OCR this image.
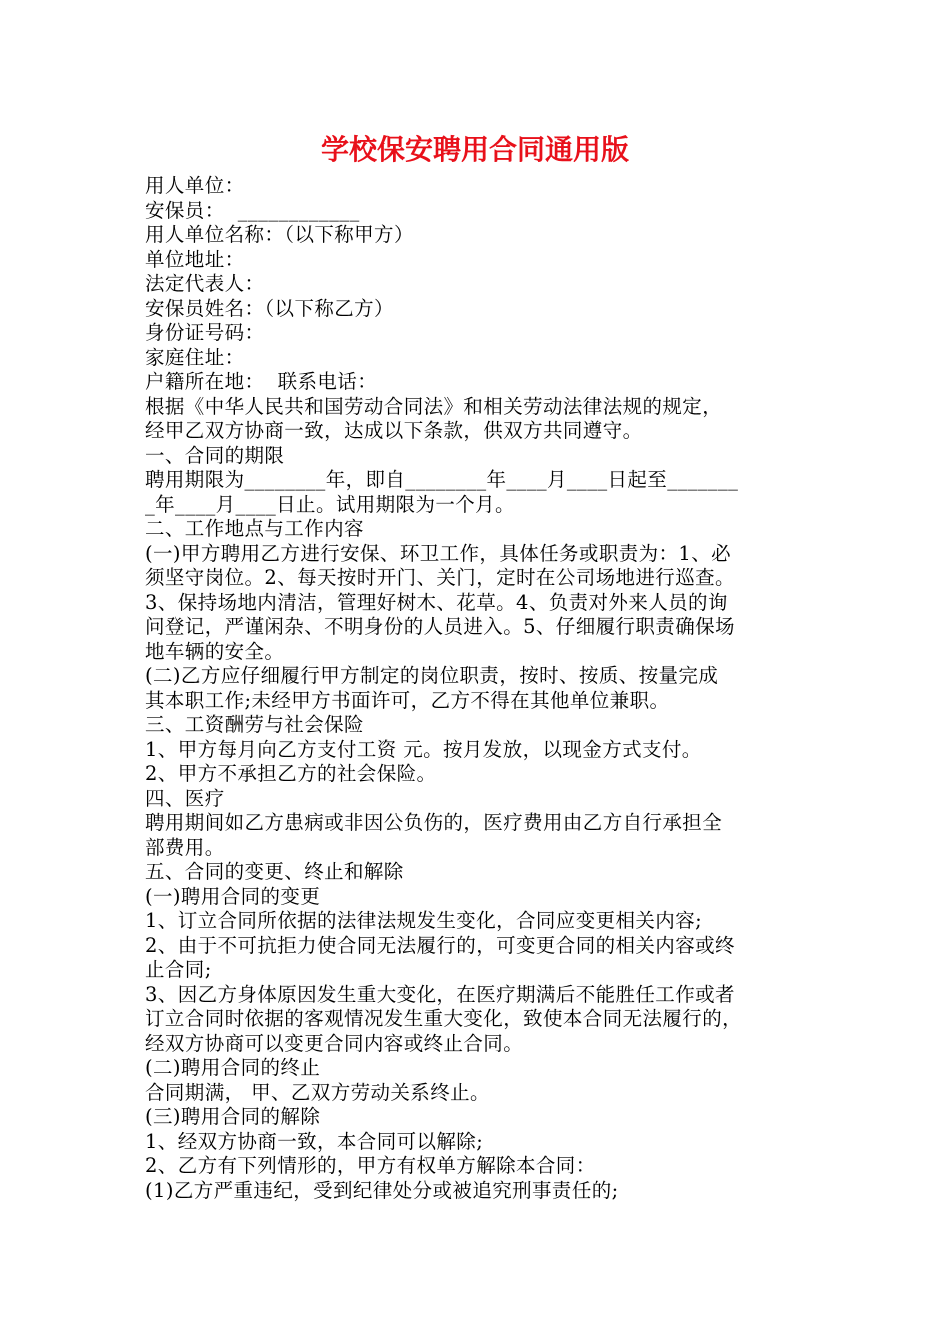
学校保安聘用合同通用版
用人单位：
安保员：  ____________
用人单位名称：（以下称甲方）
单位地址：
法定代表人：
安保员姓名：（以下称乙方）
身份证号码：
家庭住址：
户籍所在地：  联系电话：
根据《中华人民共和国劳动合同法》和相关劳动法律法规的规定，
经甲乙双方协商一致，达成以下条款，供双方共同遵守。
一、合同的期限
聘用期限为________年，即自________年____月____日起至_______
_年____月____日止。试用期限为一个月。
二、工作地点与工作内容
(一)甲方聘用乙方进行安保、环卫工作，具体任务或职责为：1、必
须坚守岗位。2、每天按时开门、关门，定时在公司场地进行巡查。
3、保持场地内清洁，管理好树木、花草。4、负责对外来人员的询
问登记，严谨闲杂、不明身份的人员进入。5、仔细履行职责确保场
地车辆的安全。
(二)乙方应仔细履行甲方制定的岗位职责，按时、按质、按量完成
其本职工作;未经甲方书面许可，乙方不得在其他单位兼职。
三、工资酬劳与社会保险
1、甲方每月向乙方支付工资 元。按月发放，以现金方式支付。
2、甲方不承担乙方的社会保险。
四、医疗
聘用期间如乙方患病或非因公负伤的，医疗费用由乙方自行承担全
部费用。
五、合同的变更、终止和解除
(一)聘用合同的变更
1、订立合同所依据的法律法规发生变化，合同应变更相关内容;
2、由于不可抗拒力使合同无法履行的，可变更合同的相关内容或终
止合同;
3、因乙方身体原因发生重大变化，在医疗期满后不能胜任工作或者
订立合同时依据的客观情况发生重大变化，致使本合同无法履行的，
经双方协商可以变更合同内容或终止合同。
(二)聘用合同的终止
合同期满， 甲、乙双方劳动关系终止。
(三)聘用合同的解除
1、经双方协商一致，本合同可以解除;
2、乙方有下列情形的，甲方有权单方解除本合同：
(1)乙方严重违纪，受到纪律处分或被追究刑事责任的;
